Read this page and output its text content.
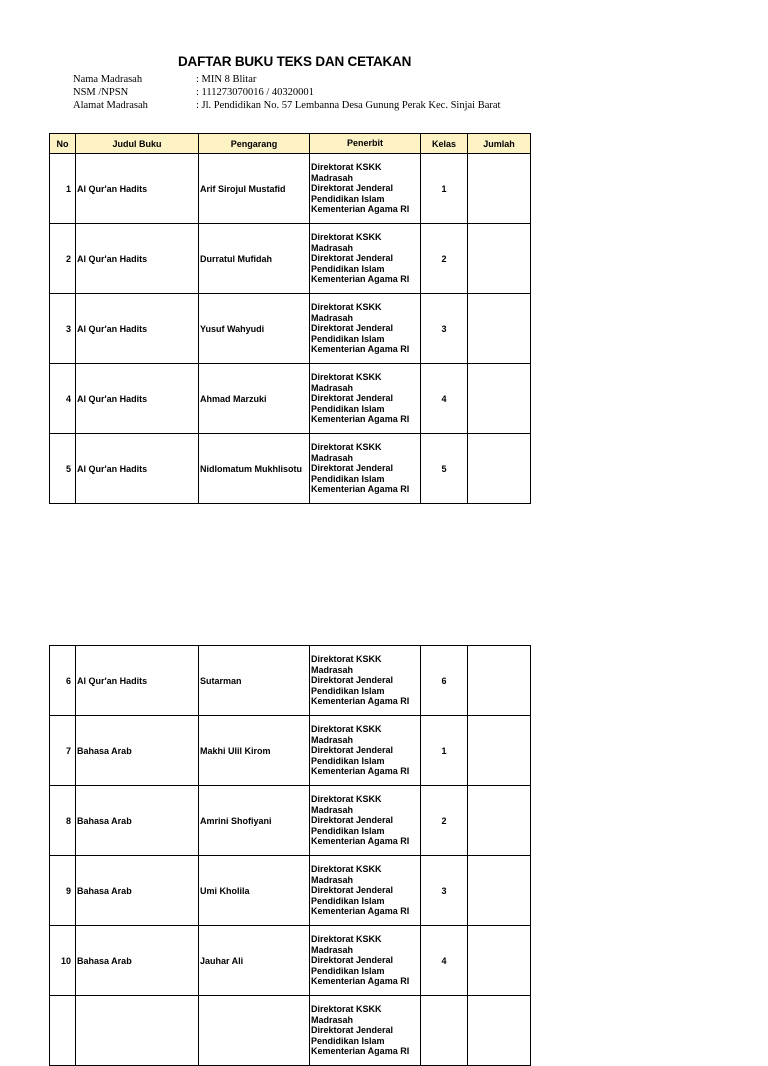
DAFTAR BUKU TEKS DAN CETAKAN
Nama Madrasah	: MIN 8 Blitar
NSM /NPSN	: 111273070016 / 40320001
Alamat Madrasah	: Jl. Pendidikan No. 57 Lembanna Desa Gunung Perak Kec. Sinjai Barat
No	Judul Buku	Pengarang	Penerbit	Kelas	Jumlah
1	Al Qur'an Hadits	Arif Sirojul Mustafid	Direktorat KSKK
Madrasah
Direktorat Jenderal
Pendidikan Islam
Kementerian Agama RI	1	
2	Al Qur'an Hadits	Durratul Mufidah	Direktorat KSKK
Madrasah
Direktorat Jenderal
Pendidikan Islam
Kementerian Agama RI	2	
3	Al Qur'an Hadits	Yusuf Wahyudi	Direktorat KSKK
Madrasah
Direktorat Jenderal
Pendidikan Islam
Kementerian Agama RI	3	
4	Al Qur'an Hadits	Ahmad Marzuki	Direktorat KSKK
Madrasah
Direktorat Jenderal
Pendidikan Islam
Kementerian Agama RI	4	
5	Al Qur'an Hadits	Nidlomatum Mukhlisotu	Direktorat KSKK
Madrasah
Direktorat Jenderal
Pendidikan Islam
Kementerian Agama RI	5	
6	Al Qur'an Hadits	Sutarman	Direktorat KSKK
Madrasah
Direktorat Jenderal
Pendidikan Islam
Kementerian Agama RI	6	
7	Bahasa Arab	Makhi Ulil Kirom	Direktorat KSKK
Madrasah
Direktorat Jenderal
Pendidikan Islam
Kementerian Agama RI	1	
8	Bahasa Arab	Amrini Shofiyani	Direktorat KSKK
Madrasah
Direktorat Jenderal
Pendidikan Islam
Kementerian Agama RI	2	
9	Bahasa Arab	Umi Kholila	Direktorat KSKK
Madrasah
Direktorat Jenderal
Pendidikan Islam
Kementerian Agama RI	3	
10	Bahasa Arab	Jauhar Ali	Direktorat KSKK
Madrasah
Direktorat Jenderal
Pendidikan Islam
Kementerian Agama RI	4	

			Direktorat KSKK
Madrasah
Direktorat Jenderal
Pendidikan Islam
Kementerian Agama RI		
